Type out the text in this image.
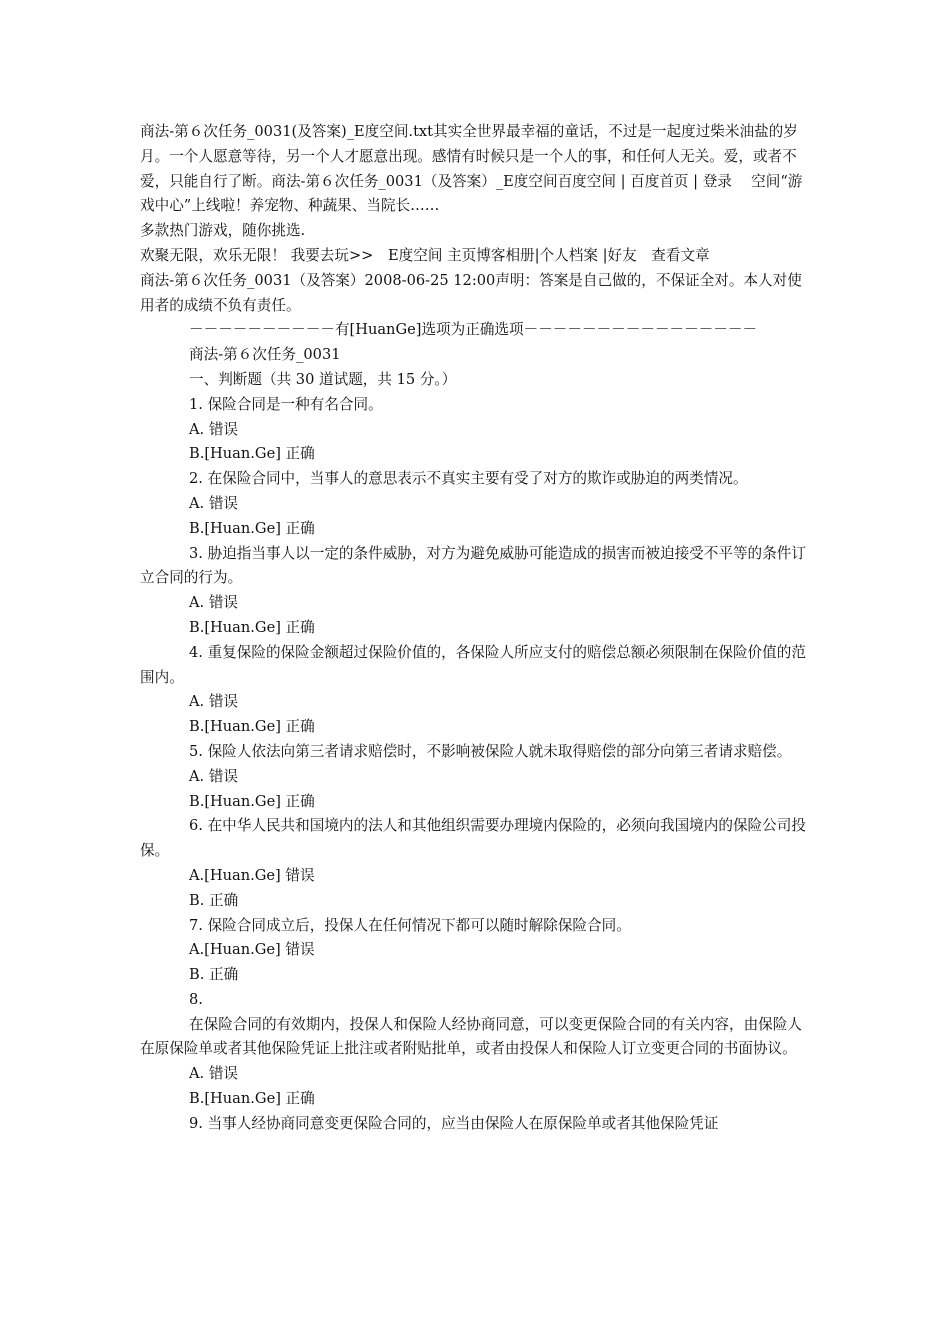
商法-第６次任务_0031(及答案)_E度空间.txt其实全世界最幸福的童话，不过是一起度过柴米油盐的岁月。一个人愿意等待，另一个人才愿意出现。感情有时候只是一个人的事，和任何人无关。爱，或者不爱，只能自行了断。商法-第６次任务_0031（及答案）_E度空间百度空间 | 百度首页 | 登录　 空间“游戏中心”上线啦！养宠物、种蔬果、当院长……

多款热门游戏，随你挑选.

欢聚无限，欢乐无限！ 我要去玩>>　E度空间 主页博客相册|个人档案 |好友　查看文章

商法-第６次任务_0031（及答案）2008-06-25 12:00声明：答案是自己做的，不保证全对。本人对使用者的成绩不负有责任。

－－－－－－－－－－有[HuanGe]选项为正确选项－－－－－－－－－－－－－－－－

商法-第６次任务_0031

一、判断题（共 30 道试题，共 15 分。）

1. 保险合同是一种有名合同。

A. 错误

B.[Huan.Ge] 正确

2. 在保险合同中，当事人的意思表示不真实主要有受了对方的欺诈或胁迫的两类情况。

A. 错误

B.[Huan.Ge] 正确

3. 胁迫指当事人以一定的条件威胁，对方为避免威胁可能造成的损害而被迫接受不平等的条件订立合同的行为。

A. 错误

B.[Huan.Ge] 正确

4. 重复保险的保险金额超过保险价值的，各保险人所应支付的赔偿总额必须限制在保险价值的范围内。

A. 错误

B.[Huan.Ge] 正确

5. 保险人依法向第三者请求赔偿时，不影响被保险人就未取得赔偿的部分向第三者请求赔偿。

A. 错误

B.[Huan.Ge] 正确

6. 在中华人民共和国境内的法人和其他组织需要办理境内保险的，必须向我国境内的保险公司投保。

A.[Huan.Ge] 错误

B. 正确

7. 保险合同成立后，投保人在任何情况下都可以随时解除保险合同。

A.[Huan.Ge] 错误

B. 正确

8.

在保险合同的有效期内，投保人和保险人经协商同意，可以变更保险合同的有关内容，由保险人在原保险单或者其他保险凭证上批注或者附贴批单，或者由投保人和保险人订立变更合同的书面协议。

A. 错误

B.[Huan.Ge] 正确

9. 当事人经协商同意变更保险合同的，应当由保险人在原保险单或者其他保险凭证
